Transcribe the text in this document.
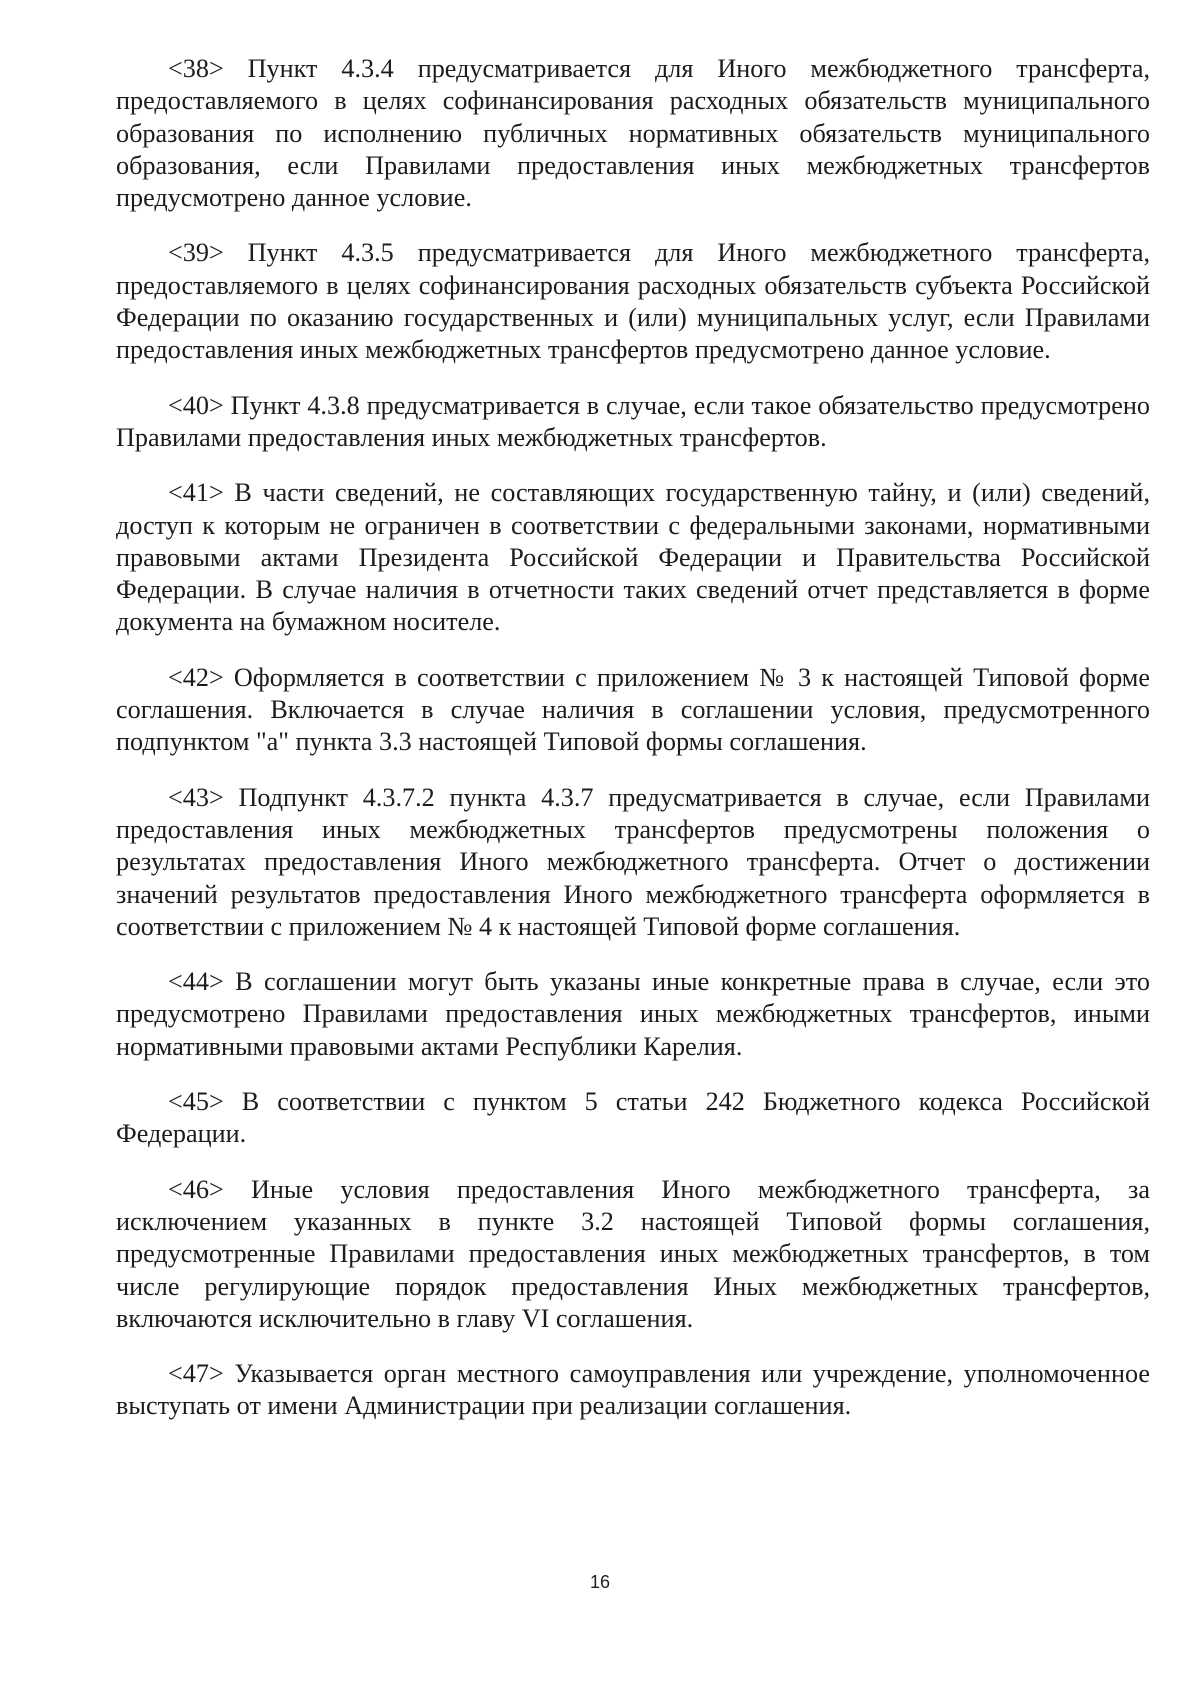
<38> Пункт 4.3.4 предусматривается для Иного межбюджетного трансферта, предоставляемого в целях софинансирования расходных обязательств муниципального образования по исполнению публичных нормативных обязательств муниципального образования, если Правилами предоставления иных межбюджетных трансфертов предусмотрено данное условие.

<39> Пункт 4.3.5 предусматривается для Иного межбюджетного трансферта, предоставляемого в целях софинансирования расходных обязательств субъекта Российской Федерации по оказанию государственных и (или) муниципальных услуг, если Правилами предоставления иных межбюджетных трансфертов предусмотрено данное условие.

<40> Пункт 4.3.8 предусматривается в случае, если такое обязательство предусмотрено Правилами предоставления иных межбюджетных трансфертов.

<41> В части сведений, не составляющих государственную тайну, и (или) сведений, доступ к которым не ограничен в соответствии с федеральными законами, нормативными правовыми актами Президента Российской Федерации и Правительства Российской Федерации. В случае наличия в отчетности таких сведений отчет представляется в форме документа на бумажном носителе.

<42> Оформляется в соответствии с приложением № 3 к настоящей Типовой форме соглашения. Включается в случае наличия в соглашении условия, предусмотренного подпунктом "а" пункта 3.3 настоящей Типовой формы соглашения.

<43> Подпункт 4.3.7.2 пункта 4.3.7 предусматривается в случае, если Правилами предоставления иных межбюджетных трансфертов предусмотрены положения о результатах предоставления Иного межбюджетного трансферта. Отчет о достижении значений результатов предоставления Иного межбюджетного трансферта оформляется в соответствии с приложением № 4 к настоящей Типовой форме соглашения.

<44> В соглашении могут быть указаны иные конкретные права в случае, если это предусмотрено Правилами предоставления иных межбюджетных трансфертов, иными нормативными правовыми актами Республики Карелия.

<45> В соответствии с пунктом 5 статьи 242 Бюджетного кодекса Российской Федерации.

<46> Иные условия предоставления Иного межбюджетного трансферта, за исключением указанных в пункте 3.2 настоящей Типовой формы соглашения, предусмотренные Правилами предоставления иных межбюджетных трансфертов, в том числе регулирующие порядок предоставления Иных межбюджетных трансфертов, включаются исключительно в главу VI соглашения.

<47> Указывается орган местного самоуправления или учреждение, уполномоченное выступать от имени Администрации при реализации соглашения.

16
